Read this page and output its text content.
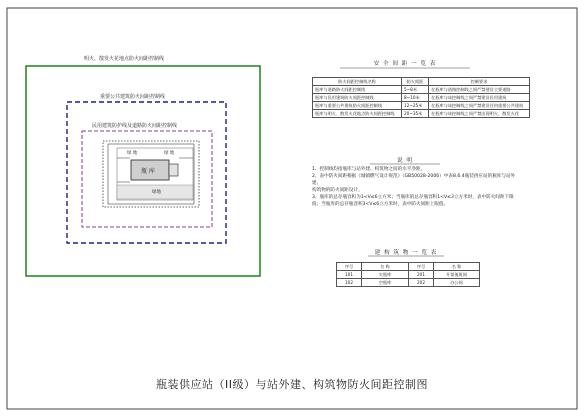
明火、散发火花地点防火间距控制线
重要公共建筑防火间距控制线
民用建筑防护线及道路防火间距控制线
绿 地	绿 地
瓶 库
绿地
安 全 间 距 一 览 表
防火间距控制线名称	防火间距	控制要求
瓶库与道路防火间距控制线	5~8米	在瓶库与道路控制线之间严禁建设主要道路
瓶库与民用建筑防火间距控制线	8~10米	在瓶库与该控制线之间严禁建设民用建筑
瓶库与重要公共建筑防火间距控制线	12~25米	在瓶库与该控制线之间严禁建设任何重要公共建筑
瓶库与明火、散发火花地点防火间距控制线	20~35米	在瓶库与该控制线之间严禁出现明火、散发火花
说 明

1、控制线均指瓶库与站外建、构筑物之间的水平净距。

2、表中防火间距根据《城镇燃气设计规范》（GB50028-2006）中表8.6.4瓶装供应站的瓶库与站外建、

构筑物的防火间距设计。

3、瓶库的总存瓶容积为1<V≤6立方米；当瓶库的总存瓶容积1<V≤3立方米时，表中防火间距下限

值；当瓶库的总存瓶容积3<V≤6立方米时，表中防火间距上限值。

建 构 筑 物 一 览 表
序号	名 称	序号	名 称
101	实瓶库	201	开票值班间
102	空瓶库	202	办公间
瓶装供应站（II级）与站外建、构筑物防火间距控制图
